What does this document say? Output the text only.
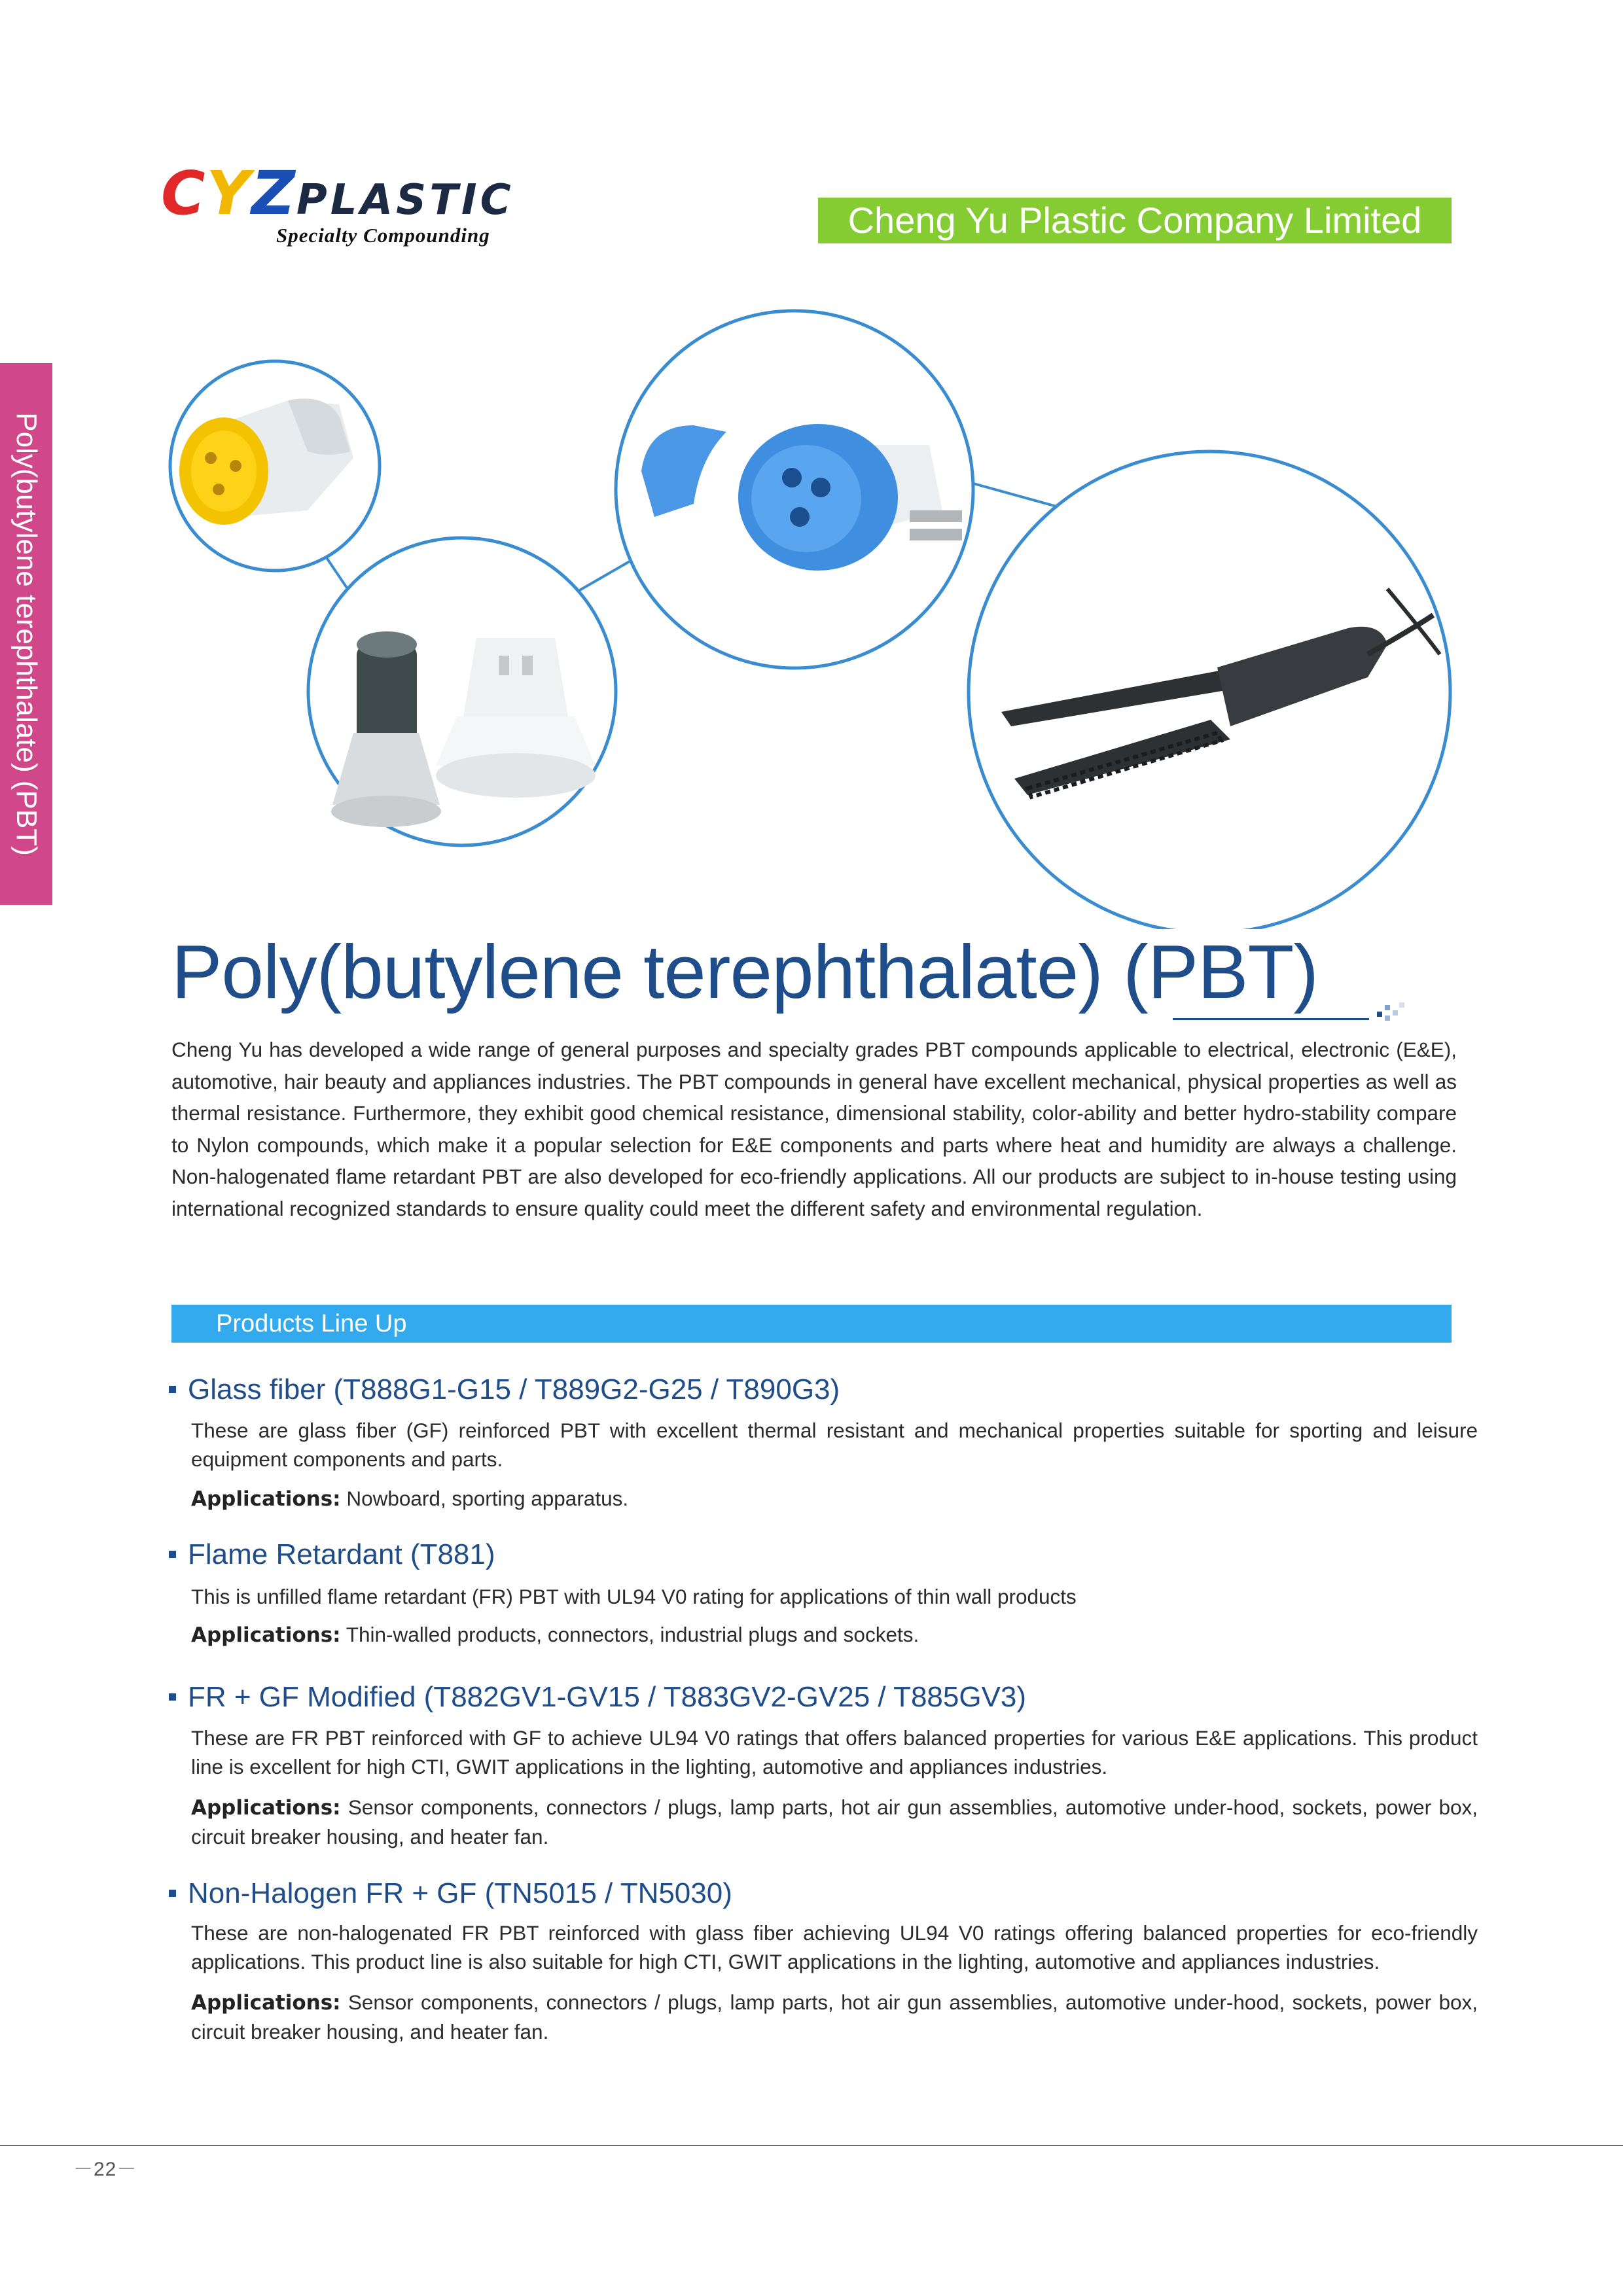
CYZPLASTIC
Specialty Compounding	Cheng Yu Plastic Company Limited
Poly(butylene terephthalate) (PBT)
Poly(butylene terephthalate) (PBT)

Cheng Yu has developed a wide range of general purposes and specialty grades PBT compounds applicable to electrical, electronic (E&E), automotive, hair beauty and appliances industries. The PBT compounds in general have excellent mechanical, physical properties as well as thermal resistance. Furthermore, they exhibit good chemical resistance, dimensional stability, color-ability and better hydro-stability compare to Nylon compounds, which make it a popular selection for E&E components and parts where heat and humidity are always a challenge. Non-halogenated flame retardant PBT are also developed for eco-friendly applications. All our products are subject to in-house testing using international recognized standards to ensure quality could meet the different safety and environmental regulation.

Products Line Up
Glass fiber (T888G1-G15 / T889G2-G25 / T890G3)

These are glass fiber (GF) reinforced PBT with excellent thermal resistant and mechanical properties suitable for sporting and leisure equipment components and parts.

Applications: Nowboard, sporting apparatus.

Flame Retardant (T881)

This is unfilled flame retardant (FR) PBT with UL94 V0 rating for applications of thin wall products

Applications: Thin-walled products, connectors, industrial plugs and sockets.

FR + GF Modified (T882GV1-GV15 / T883GV2-GV25 / T885GV3)

These are FR PBT reinforced with GF to achieve UL94 V0 ratings that offers balanced properties for various E&E applications. This product line is excellent for high CTI, GWIT applications in the lighting, automotive and appliances industries.

Applications: Sensor components, connectors / plugs, lamp parts, hot air gun assemblies, automotive under-hood, sockets, power box, circuit breaker housing, and heater fan.

Non-Halogen FR + GF (TN5015 / TN5030)

These are non-halogenated FR PBT reinforced with glass fiber achieving UL94 V0 ratings offering balanced properties for eco-friendly applications. This product line is also suitable for high CTI, GWIT applications in the lighting, automotive and appliances industries.

Applications: Sensor components, connectors / plugs, lamp parts, hot air gun assemblies, automotive under-hood, sockets, power box, circuit breaker housing, and heater fan.

－22－
